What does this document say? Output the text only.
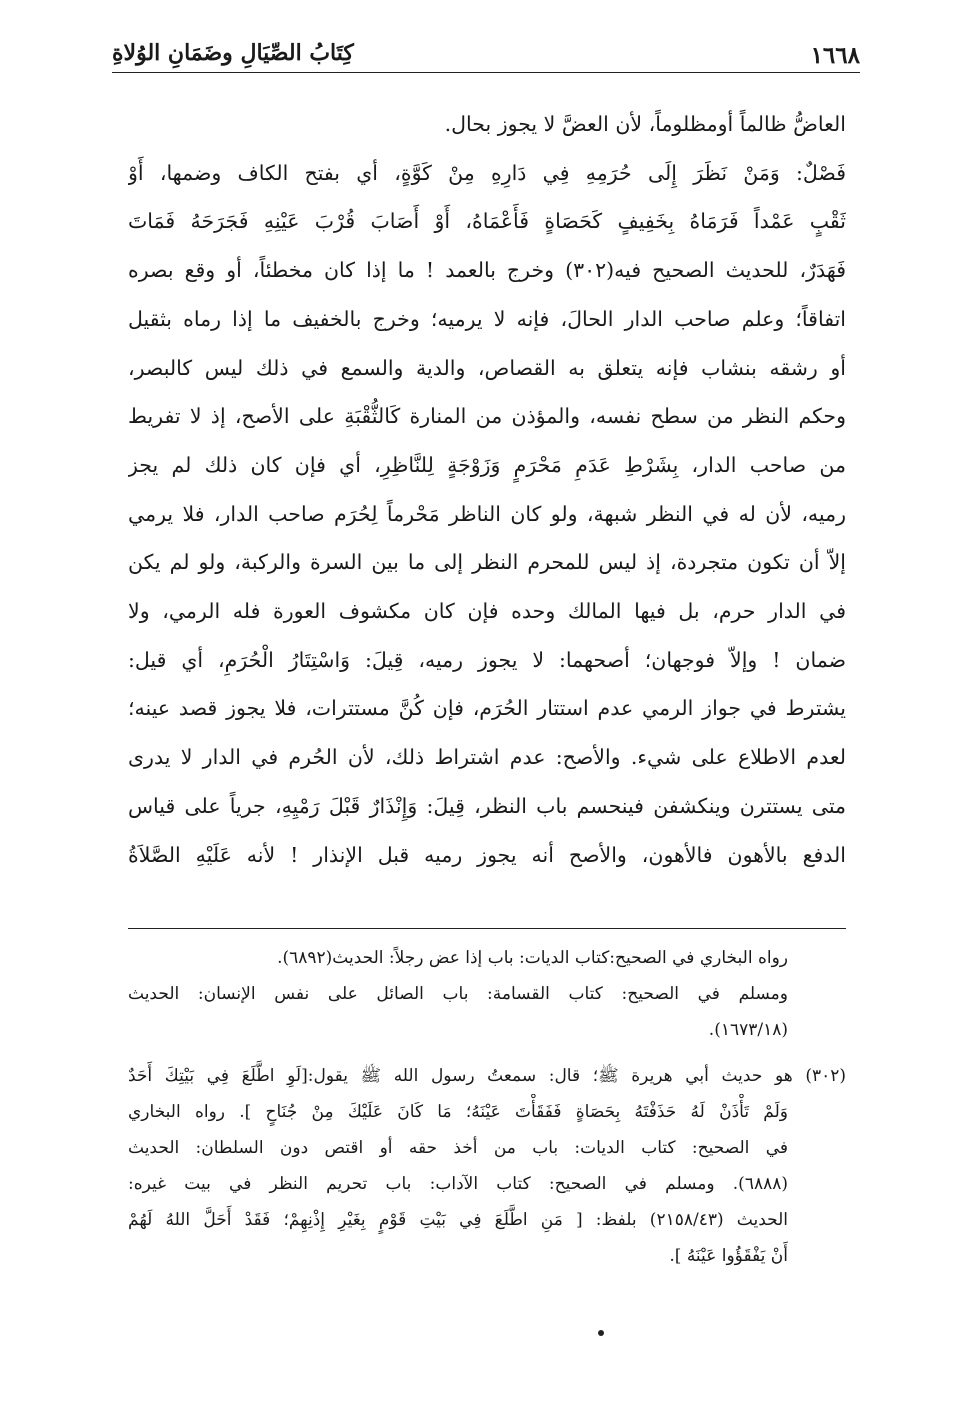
١٦٦٨
كِتَابُ الصِّيَالِ وضَمَانِ الوُلاةِ
العاضُّ ظالماً أومظلوماً، لأن العضَّ لا يجوز بحال.
فَصْلٌ: وَمَنْ نَظَرَ إِلَى حُرَمِهِ فِي دَارِهِ مِنْ كَوَّةٍ، أي بفتح الكاف وضمها، أَوْ
ثَقْبٍ عَمْداً فَرَمَاهُ بِخَفِيفٍ كَحَصَاةٍ فَأَعْمَاهُ، أَوْ أَصَابَ قُرْبَ عَيْنِهِ فَجَرَحَهُ فَمَاتَ
فَهَدَرٌ، للحديث الصحيح فيه(٣٠٢) وخرج بالعمد ! ما إذا كان مخطئاً، أو وقع بصره
اتفاقاً؛ وعلم صاحب الدار الحالَ، فإنه لا يرميه؛ وخرج بالخفيف ما إذا رماه بثقيل
أو رشقه بنشاب فإنه يتعلق به القصاص، والدية والسمع في ذلك ليس كالبصر،
وحكم النظر من سطح نفسه، والمؤذن من المنارة كَالثُّقْبَةِ على الأصح، إذ لا تفريط
من صاحب الدار، بِشَرْطِ عَدَمِ مَحْرَمٍ وَزَوْجَةٍ لِلنَّاظِرِ، أي فإن كان ذلك لم يجز
رميه، لأن له في النظر شبهة، ولو كان الناظر مَحْرماً لِحُرَم صاحب الدار، فلا يرمي
إلاّ أن تكون متجردة، إذ ليس للمحرم النظر إلى ما بين السرة والركبة، ولو لم يكن
في الدار حرم، بل فيها المالك وحده فإن كان مكشوف العورة فله الرمي، ولا
ضمان ! وإلاّ فوجهان؛ أصحهما: لا يجوز رميه، قِيلَ: وَاسْتِتَارُ الْحُرَمِ، أي قيل:
يشترط في جواز الرمي عدم استتار الحُرَم، فإن كُنَّ مستترات، فلا يجوز قصد عينه؛
لعدم الاطلاع على شيء. والأصح: عدم اشتراط ذلك، لأن الحُرم في الدار لا يدرى
متى يستترن وينكشفن فينحسم باب النظر، قِيلَ: وَإِنْذَارٌ قَبْلَ رَمْيِهِ، جرياً على قياس
الدفع بالأهون فالأهون، والأصح أنه يجوز رميه قبل الإنذار ! لأنه عَلَيْهِ الصَّلاَةُ
رواه البخاري في الصحيح:كتاب الديات: باب إذا عض رجلاً: الحديث(٦٨٩٢).
ومسلم في الصحيح: كتاب القسامة: باب الصائل على نفس الإنسان: الحديث
(١٦٧٣/١٨).
(٣٠٢) هو حديث أبي هريرة ﷺ؛ قال: سمعتُ رسول الله ﷺ يقول:[لَوِ اطَّلَعَ فِي بَيْتِكَ أَحَدٌ
وَلَمْ تَأْذَنْ لَهُ حَذَفْتَهُ بِحَصَاةٍ فَفَقَأْتَ عَيْنَهُ؛ مَا كَانَ عَلَيْكَ مِنْ جُنَاحٍ ]. رواه البخاري
في الصحيح: كتاب الديات: باب من أخذ حقه أو اقتص دون السلطان: الحديث
(٦٨٨٨). ومسلم في الصحيح: كتاب الآداب: باب تحريم النظر في بيت غيره:
الحديث (٢١٥٨/٤٣) بلفظ: [ مَنِ اطَّلَعَ فِي بَيْتِ قَوْمٍ بِغَيْرِ إِذْنِهِمْ؛ فَقَدْ أَحَلَّ اللهُ لَهُمْ
أَنْ يَفْقَؤُوا عَيْنَهُ ].
